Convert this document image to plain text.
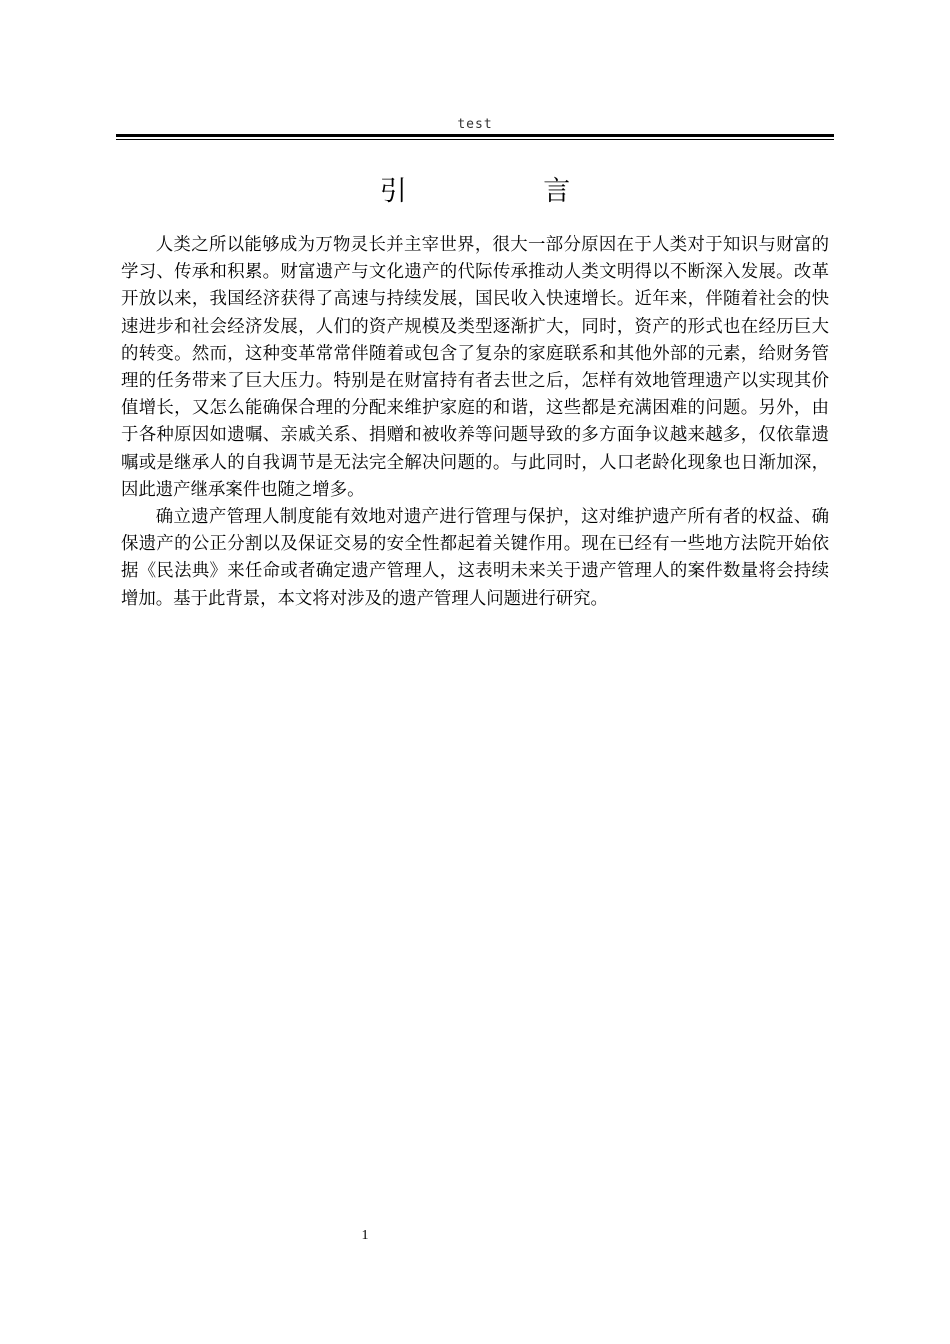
test
引 言

人类之所以能够成为万物灵长并主宰世界，很大一部分原因在于人类对于知识与财富的学习、传承和积累。财富遗产与文化遗产的代际传承推动人类文明得以不断深入发展。改革开放以来，我国经济获得了高速与持续发展，国民收入快速增长。近年来，伴随着社会的快速进步和社会经济发展，人们的资产规模及类型逐渐扩大，同时，资产的形式也在经历巨大的转变。然而，这种变革常常伴随着或包含了复杂的家庭联系和其他外部的元素，给财务管理的任务带来了巨大压力。特别是在财富持有者去世之后，怎样有效地管理遗产以实现其价值增长，又怎么能确保合理的分配来维护家庭的和谐，这些都是充满困难的问题。另外，由于各种原因如遗嘱、亲戚关系、捐赠和被收养等问题导致的多方面争议越来越多，仅依靠遗嘱或是继承人的自我调节是无法完全解决问题的。与此同时，人口老龄化现象也日渐加深，因此遗产继承案件也随之增多。

确立遗产管理人制度能有效地对遗产进行管理与保护，这对维护遗产所有者的权益、确保遗产的公正分割以及保证交易的安全性都起着关键作用。现在已经有一些地方法院开始依据《民法典》来任命或者确定遗产管理人，这表明未来关于遗产管理人的案件数量将会持续增加。基于此背景，本文将对涉及的遗产管理人问题进行研究。

1
